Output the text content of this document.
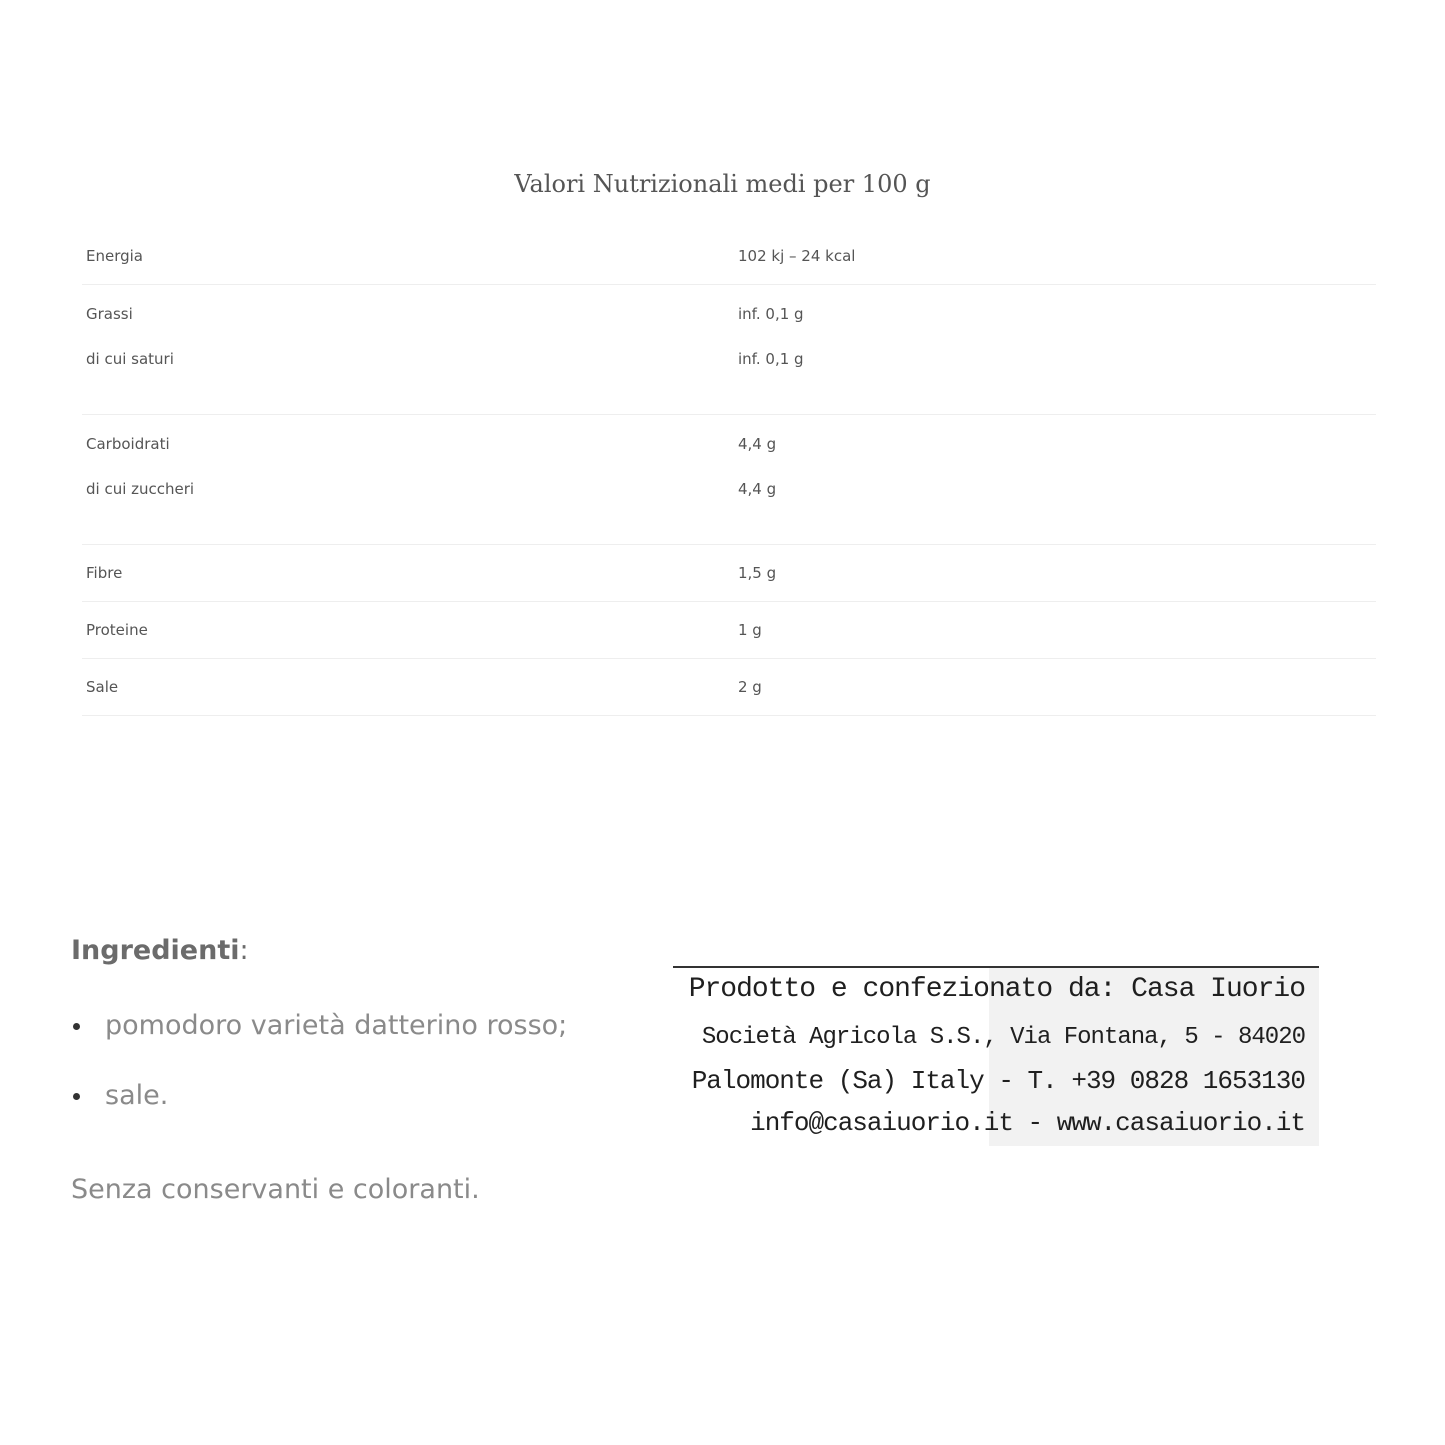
Valori Nutrizionali medi per 100 g
Energia	102 kj – 24 kcal
Grassi	inf. 0,1 g
di cui saturi	inf. 0,1 g
Carboidrati	4,4 g
di cui zuccheri	4,4 g
Fibre	1,5 g
Proteine	1 g
Sale	2 g
Ingredienti:
pomodoro varietà datterino rosso;
sale.

Senza conservanti e coloranti.

Prodotto e confezionato da: Casa Iuorio
Società Agricola S.S., Via Fontana, 5 - 84020
Palomonte (Sa) Italy - T. +39 0828 1653130
info@casaiuorio.it - www.casaiuorio.it
